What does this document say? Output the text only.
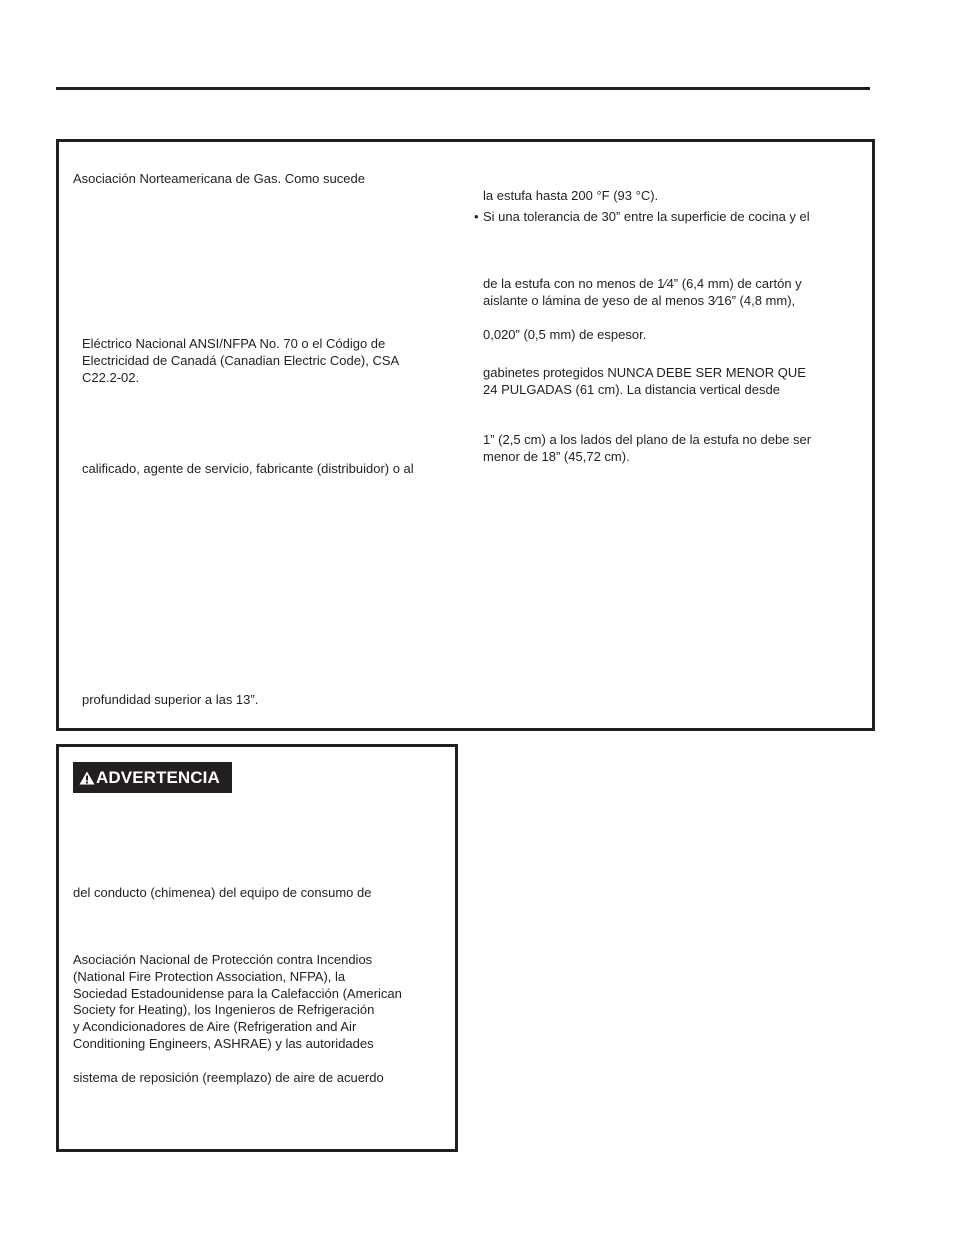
Asociación Norteamericana de Gas. Como sucede

Eléctrico Nacional ANSI/NFPA No. 70 o el Código de

Electricidad de Canadá (Canadian Electric Code), CSA

C22.2-02.

calificado, agente de servicio, fabricante (distribuidor) o al

profundidad superior a las 13”.

la estufa hasta 200 °F (93 °C).

• Si una tolerancia de 30” entre la superficie de cocina y el

de la estufa con no menos de 1⁄4” (6,4 mm) de cartón y

aislante o lámina de yeso de al menos 3⁄16” (4,8 mm),

0,020” (0,5 mm) de espesor.

gabinetes protegidos NUNCA DEBE SER MENOR QUE

24 PULGADAS (61 cm). La distancia vertical desde

1” (2,5 cm) a los lados del plano de la estufa no debe ser

menor de 18” (45,72 cm).

ADVERTENCIA

del conducto (chimenea) del equipo de consumo de

Asociación Nacional de Protección contra Incendios

(National Fire Protection Association, NFPA), la

Sociedad Estadounidense para la Calefacción (American

Society for Heating), los Ingenieros de Refrigeración

y Acondicionadores de Aire (Refrigeration and Air

Conditioning Engineers, ASHRAE) y las autoridades

sistema de reposición (reemplazo) de aire de acuerdo
